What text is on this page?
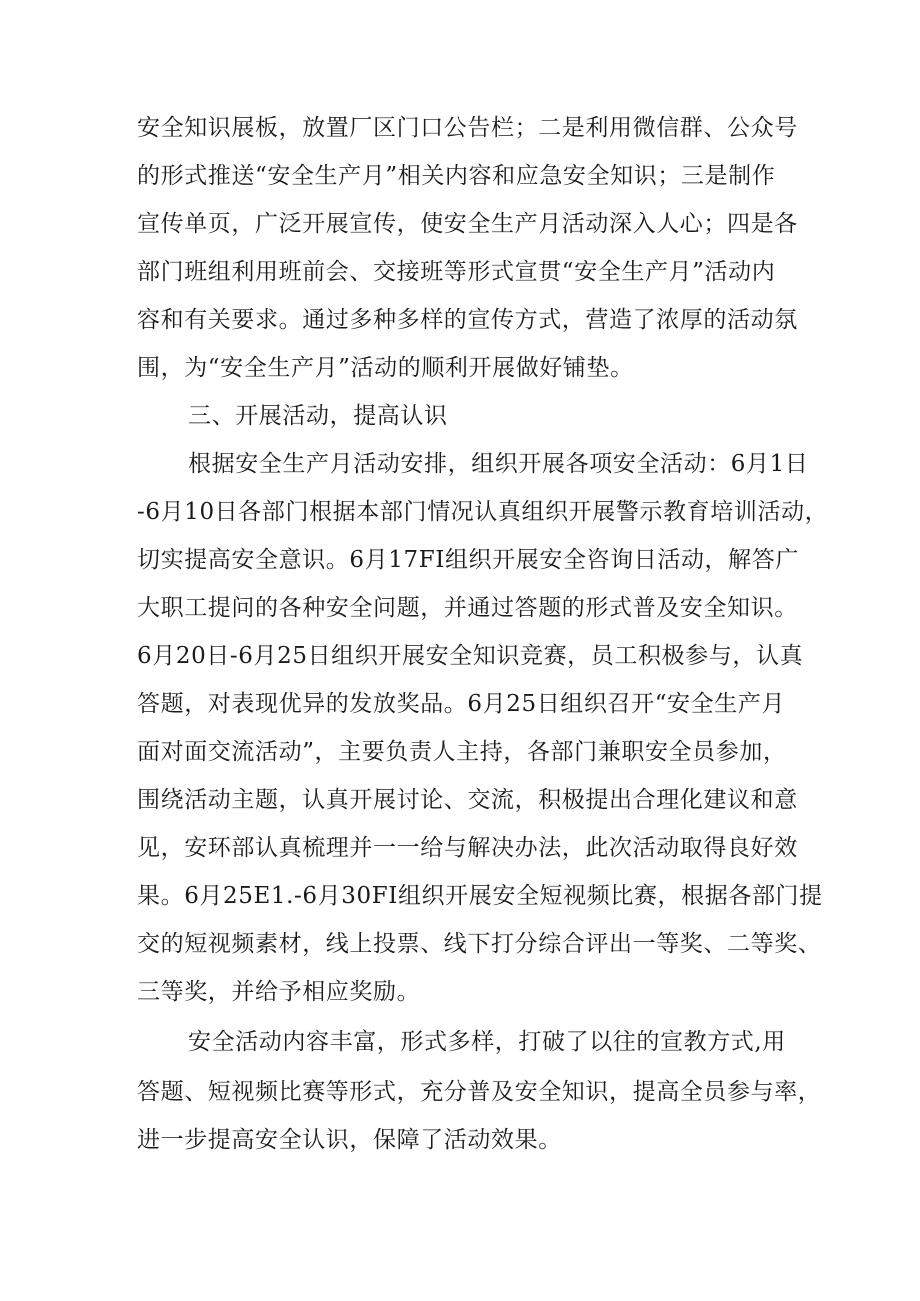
安全知识展板，放置厂区门口公告栏；二是利用微信群、公众号
的形式推送“安全生产月”相关内容和应急安全知识；三是制作
宣传单页，广泛开展宣传，使安全生产月活动深入人心；四是各
部门班组利用班前会、交接班等形式宣贯“安全生产月”活动内
容和有关要求。通过多种多样的宣传方式，营造了浓厚的活动氛
围，为“安全生产月”活动的顺利开展做好铺垫。
三、开展活动，提高认识
根据安全生产月活动安排，组织开展各项安全活动：6月1日
-6月10日各部门根据本部门情况认真组织开展警示教育培训活动，
切实提高安全意识。6月17FI组织开展安全咨询日活动，解答广
大职工提问的各种安全问题，并通过答题的形式普及安全知识。
6月20日-6月25日组织开展安全知识竞赛，员工积极参与，认真
答题，对表现优异的发放奖品。6月25日组织召开“安全生产月
面对面交流活动”，主要负责人主持，各部门兼职安全员参加，
围绕活动主题，认真开展讨论、交流，积极提出合理化建议和意
见，安环部认真梳理并一一给与解决办法，此次活动取得良好效
果。6月25E1.-6月30FI组织开展安全短视频比赛，根据各部门提
交的短视频素材，线上投票、线下打分综合评出一等奖、二等奖、
三等奖，并给予相应奖励。
安全活动内容丰富，形式多样，打破了以往的宣教方式,用
答题、短视频比赛等形式，充分普及安全知识，提高全员参与率，
进一步提高安全认识，保障了活动效果。
